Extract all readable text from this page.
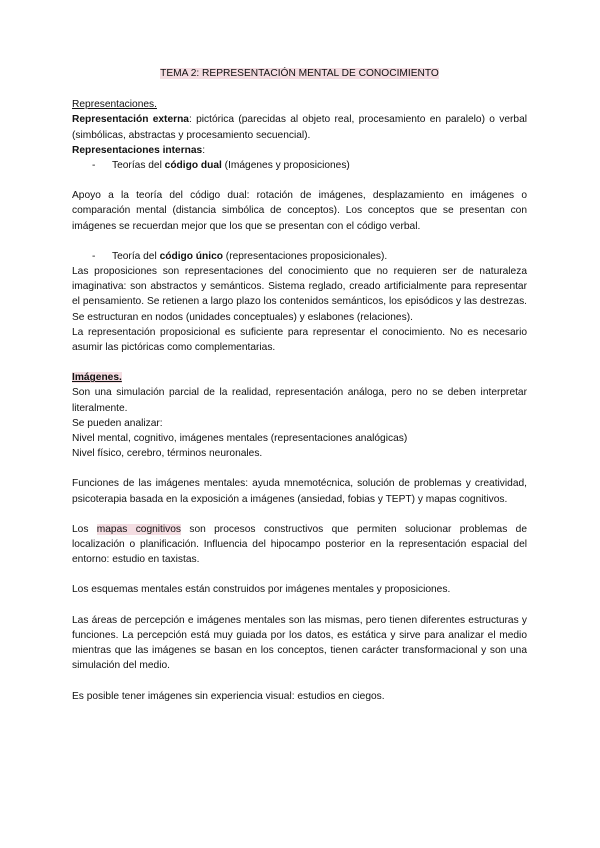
TEMA 2: REPRESENTACIÓN MENTAL DE CONOCIMIENTO

Representaciones.

Representación externa: pictórica (parecidas al objeto real, procesamiento en paralelo) o verbal (simbólicas, abstractas y procesamiento secuencial).

Representaciones internas:

-	Teorías del código dual (Imágenes y proposiciones)

Apoyo a la teoría del código dual: rotación de imágenes, desplazamiento en imágenes o comparación mental (distancia simbólica de conceptos). Los conceptos que se presentan con imágenes se recuerdan mejor que los que se presentan con el código verbal.

-	Teoría del código único (representaciones proposicionales).

Las proposiciones son representaciones del conocimiento que no requieren ser de naturaleza imaginativa: son abstractos y semánticos. Sistema reglado, creado artificialmente para representar el pensamiento. Se retienen a largo plazo los contenidos semánticos, los episódicos y las destrezas. Se estructuran en nodos (unidades conceptuales) y eslabones (relaciones).

La representación proposicional es suficiente para representar el conocimiento. No es necesario asumir las pictóricas como complementarias.

Imágenes.

Son una simulación parcial de la realidad, representación análoga, pero no se deben interpretar literalmente.

Se pueden analizar:

Nivel mental, cognitivo, imágenes mentales (representaciones analógicas)

Nivel físico, cerebro, términos neuronales.

Funciones de las imágenes mentales: ayuda mnemotécnica, solución de problemas y creatividad, psicoterapia basada en la exposición a imágenes (ansiedad, fobias y TEPT) y mapas cognitivos.

Los mapas cognitivos son procesos constructivos que permiten solucionar problemas de localización o planificación. Influencia del hipocampo posterior en la representación espacial del entorno: estudio en taxistas.

Los esquemas mentales están construidos por imágenes mentales y proposiciones.

Las áreas de percepción e imágenes mentales son las mismas, pero tienen diferentes estructuras y funciones. La percepción está muy guiada por los datos, es estática y sirve para analizar el medio mientras que las imágenes se basan en los conceptos, tienen carácter transformacional y son una simulación del medio.

Es posible tener imágenes sin experiencia visual: estudios en ciegos.
